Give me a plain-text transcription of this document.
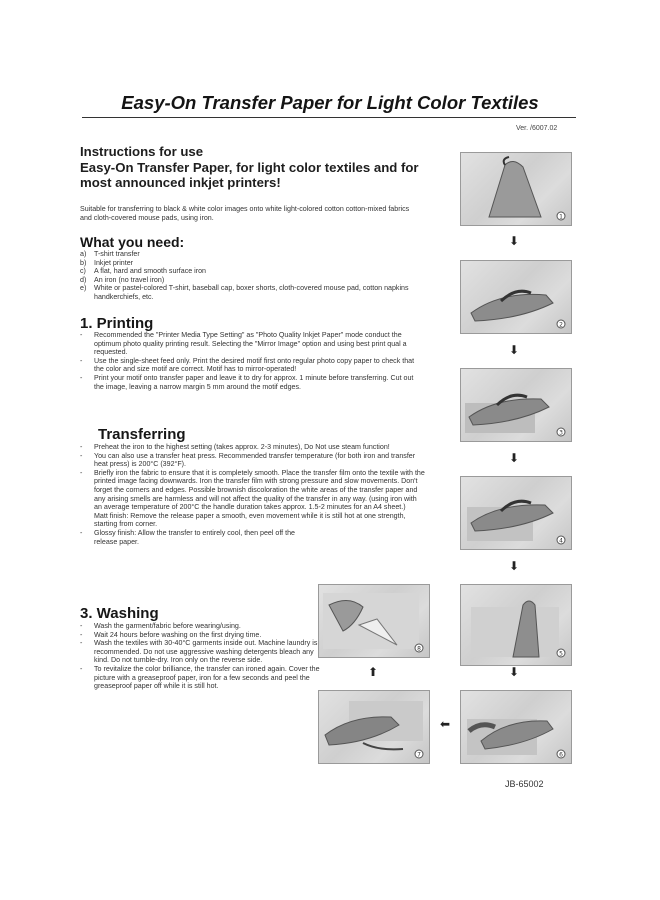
Easy-On Transfer Paper for Light Color Textiles
Ver. /6007.02
Instructions for use
Easy-On Transfer Paper, for light color textiles and for most announced inkjet printers!

Suitable for transferring to black & white color images onto white light-colored cotton cotton-mixed fabrics and cloth-covered mouse pads, using iron.

What you need:
a) T-shirt transfer
b) Inkjet printer
c) A flat, hard and smooth surface iron
d) An iron (no travel iron)
e) White or pastel-colored T-shirt, baseball cap, boxer shorts, cloth-covered mouse pad, cotton napkins handkerchiefs, etc.
1. Printing
- Recommended the "Printer Media Type Setting" as "Photo Quality Inkjet Paper" mode conduct the optimum photo quality printing result. Selecting the "Mirror Image" option and using best print qual a requested.
- Use the single-sheet feed only. Print the desired motif first onto regular photo copy paper to check that the color and size motif are correct. Motif has to mirror-operated!
- Print your motif onto transfer paper and leave it to dry for approx. 1 minute before transferring. Cut out the image, leaving a narrow margin 5 mm around the motif edges.
Transferring
- Preheat the iron to the highest setting (takes approx. 2-3 minutes), Do Not use steam function!
- You can also use a transfer heat press. Recommended transfer temperature (for both iron and transfer heat press) is 200°C (392°F).
- Briefly iron the fabric to ensure that it is completely smooth. Place the transfer film onto the textile with the printed image facing downwards. Iron the transfer film with strong pressure and slow movements. Don't forget the corners and edges. Possible brownish discoloration the white areas of the transfer paper and any arising smells are harmless and will not affect the quality of the transfer in any way. (using iron with an average temperature of 200°C the handle duration takes approx. 1.5-2 minutes for an A4 sheet.)
Matt finish: Remove the release paper a smooth, even movement while it is still hot at one strength, starting from corner.
- Glossy finish: Allow the transfer to entirely cool, then peel off the release paper.
3. Washing
- Wash the garment/fabric before wearing/using.
- Wait 24 hours before washing on the first drying time.
- Wash the textiles with 30-40°C garments inside out. Machine laundry is recommended. Do not use aggressive washing detergents bleach any kind. Do not tumble-dry. Iron only on the reverse side.
- To revitalize the color brilliance, the transfer can ironed again. Cover the picture with a greaseproof paper, iron for a few seconds and peel the greaseproof paper off while it is still hot.
1
⬇
2
⬇
3
⬇
4
⬇
5
⬇
6
⬅
7
⬆
8
JB-65002
